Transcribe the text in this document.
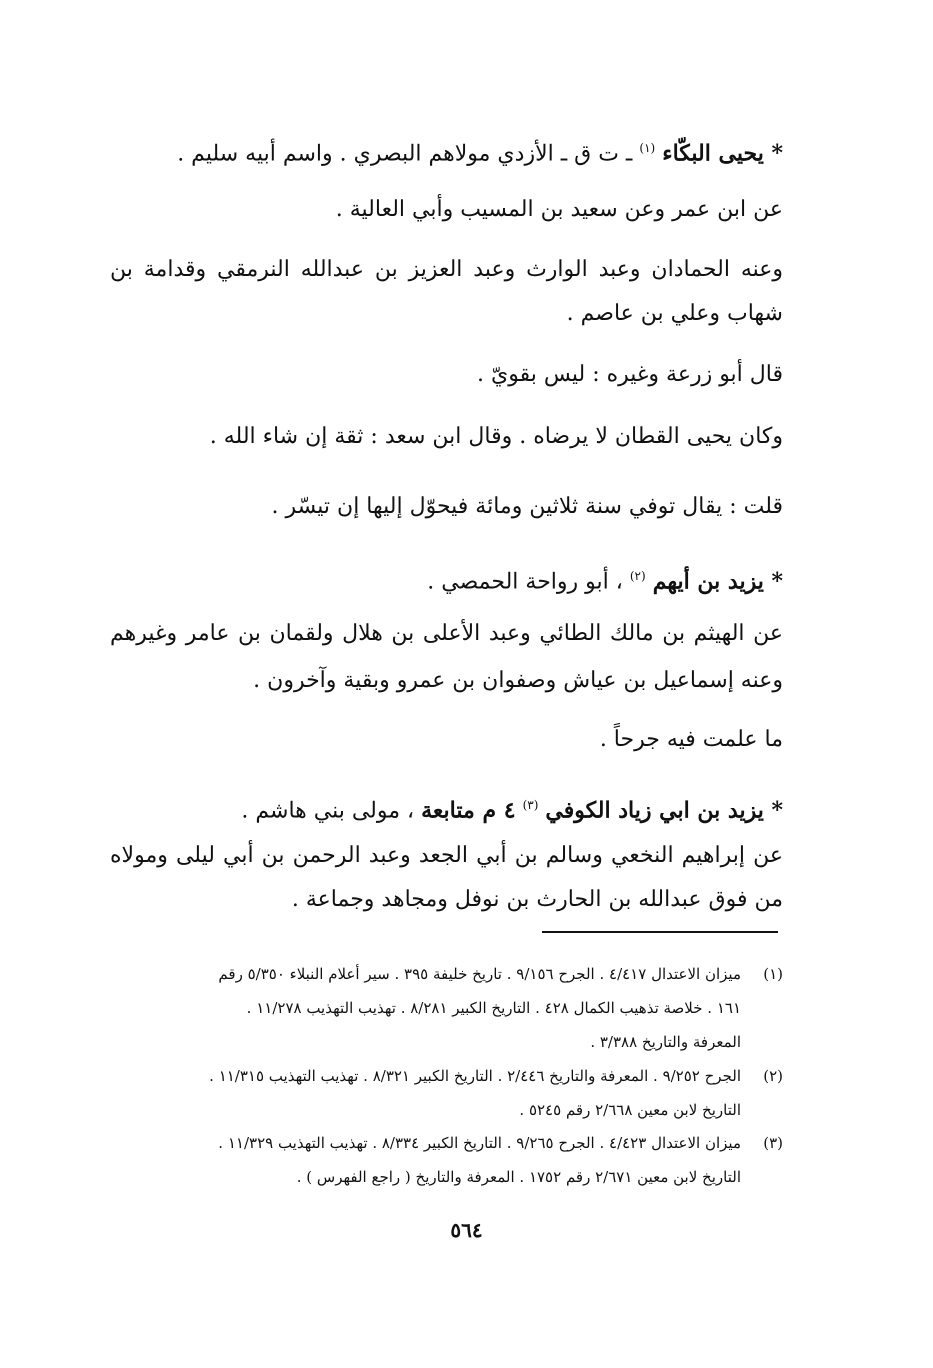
* يحيى البكّاء $^{(١)}$ ـ ت ق ـ الأزدي مولاهم البصري . واسم أبيه سليم .
عن ابن عمر وعن سعيد بن المسيب وأبي العالية .
وعنه الحمادان وعبد الوارث وعبد العزيز بن عبدالله النرمقي وقدامة بن
شهاب وعلي بن عاصم .
قال أبو زرعة وغيره : ليس بقويّ .
وكان يحيى القطان لا يرضاه . وقال ابن سعد : ثقة إن شاء الله .
قلت : يقال توفي سنة ثلاثين ومائة فيحوّل إليها إن تيسّر .
* يزيد بن أيهم $^{(٢)}$ ، أبو رواحة الحمصي .
عن الهيثم بن مالك الطائي وعبد الأعلى بن هلال ولقمان بن عامر وغيرهم
وعنه إسماعيل بن عياش وصفوان بن عمرو وبقية وآخرون .
ما علمت فيه جرحاً .
* يزيد بن ابي زياد الكوفي $^{(٣)}$ ٤ م متابعة ، مولى بني هاشم .
عن إبراهيم النخعي وسالم بن أبي الجعد وعبد الرحمن بن أبي ليلى ومولاه
من فوق عبدالله بن الحارث بن نوفل ومجاهد وجماعة .
(١)ميزان الاعتدال ٤/٤١٧ . الجرح ٩/١٥٦ . تاريخ خليفة ٣٩٥ . سير أعلام النبلاء ٥/٣٥٠ رقم
١٦١ . خلاصة تذهيب الكمال ٤٢٨ . التاريخ الكبير ٨/٢٨١ . تهذيب التهذيب ١١/٢٧٨ .
المعرفة والتاريخ ٣/٣٨٨ .
(٢)الجرح ٩/٢٥٢ . المعرفة والتاريخ ٢/٤٤٦ . التاريخ الكبير ٨/٣٢١ . تهذيب التهذيب ١١/٣١٥ .
التاريخ لابن معين ٢/٦٦٨ رقم ٥٢٤٥ .
(٣)ميزان الاعتدال ٤/٤٢٣ . الجرح ٩/٢٦٥ . التاريخ الكبير ٨/٣٣٤ . تهذيب التهذيب ١١/٣٢٩ .
التاريخ لابن معين ٢/٦٧١ رقم ١٧٥٢ . المعرفة والتاريخ ( راجع الفهرس ) .
٥٦٤
